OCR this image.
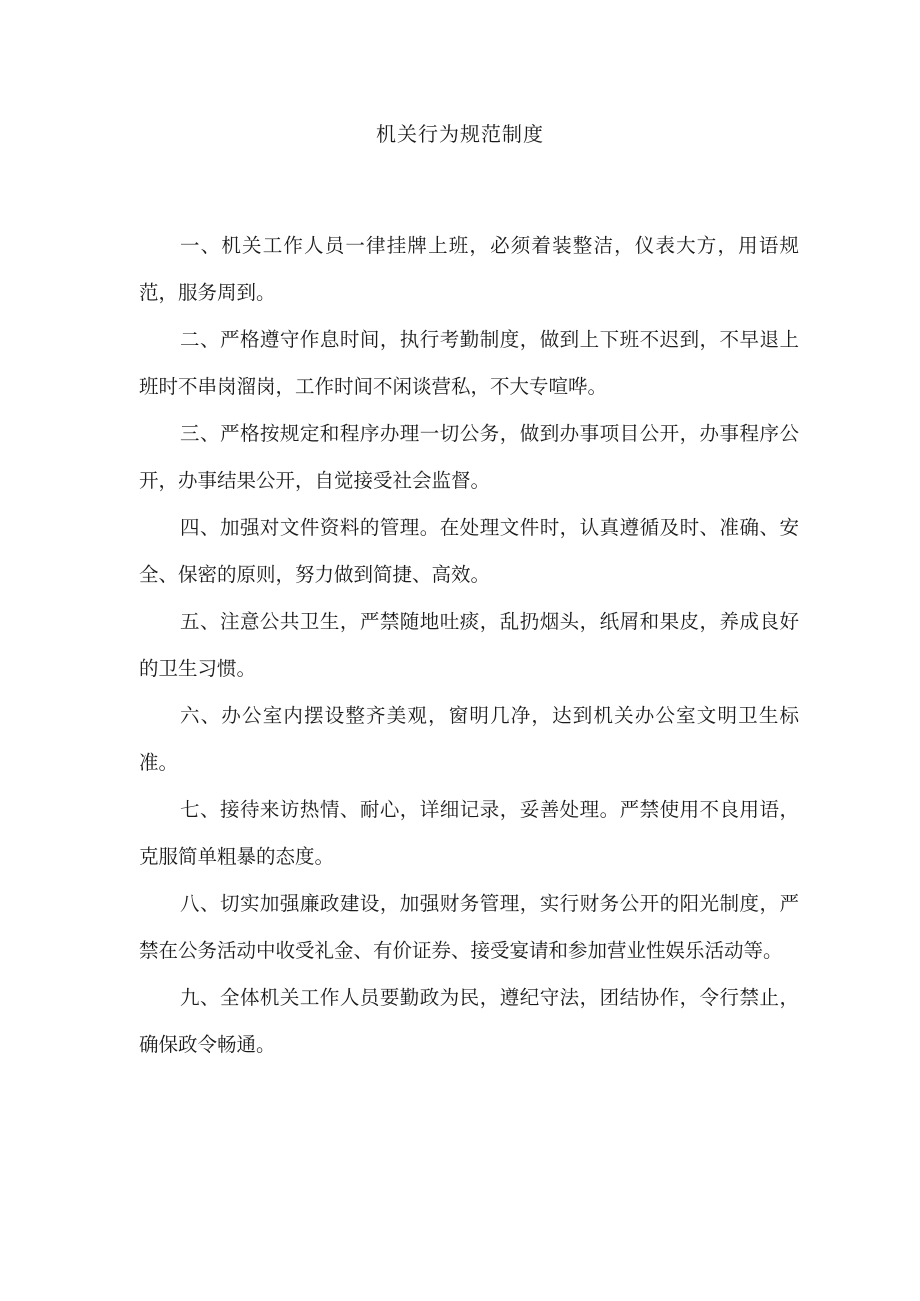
机关行为规范制度

一、机关工作人员一律挂牌上班，必须着装整洁，仪表大方，用语规范，服务周到。

二、严格遵守作息时间，执行考勤制度，做到上下班不迟到，不早退上班时不串岗溜岗，工作时间不闲谈营私，不大专喧哗。

三、严格按规定和程序办理一切公务，做到办事项目公开，办事程序公开，办事结果公开，自觉接受社会监督。

四、加强对文件资料的管理。在处理文件时，认真遵循及时、准确、安全、保密的原则，努力做到简捷、高效。

五、注意公共卫生，严禁随地吐痰，乱扔烟头，纸屑和果皮，养成良好的卫生习惯。

六、办公室内摆设整齐美观，窗明几净，达到机关办公室文明卫生标准。

七、接待来访热情、耐心，详细记录，妥善处理。严禁使用不良用语，克服简单粗暴的态度。

八、切实加强廉政建设，加强财务管理，实行财务公开的阳光制度，严禁在公务活动中收受礼金、有价证券、接受宴请和参加营业性娱乐活动等。

九、全体机关工作人员要勤政为民，遵纪守法，团结协作，令行禁止，确保政令畅通。
